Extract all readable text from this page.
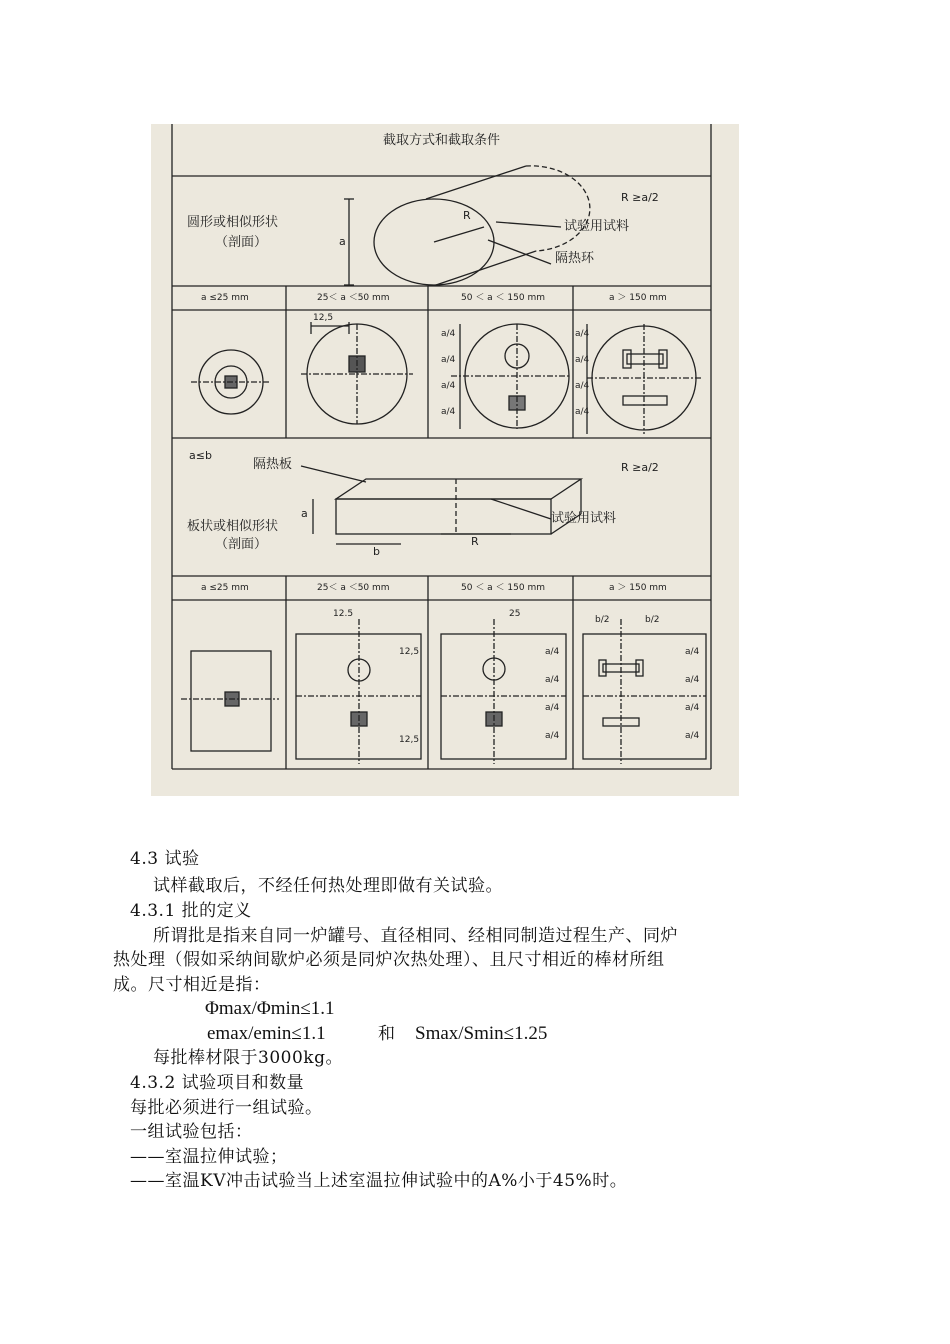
截取方式和截取条件
R ≥a/2
圆形或相似形状
（剖面）	a
R
试验用试料
隔热环
a ≤25 mm	25＜ a ＜50 mm	50 ＜ a ＜ 150 mm	a ＞ 150 mm
12,5
a/4
a/4
a/4
a/4
a/4
a/4
a/4
a/4
a≤b
R ≥a/2
隔热板
板状或相似形状
（剖面）
a
b
R
试验用试料
a ≤25 mm	25＜ a ＜50 mm	50 ＜ a ＜ 150 mm	a ＞ 150 mm
12.5
12,5
12,5
25
b/2	b/2
a/4
a/4
a/4
a/4
a/4
a/4
a/4
a/4
4.3 试验
试样截取后，不经任何热处理即做有关试验。
4.3.1 批的定义
所谓批是指来自同一炉罐号、直径相同、经相同制造过程生产、同炉
热处理（假如采纳间歇炉必须是同炉次热处理）、且尺寸相近的棒材所组
成。尺寸相近是指：
Φmax/Φmin≤1.1
emax/emin≤1.1	和 Smax/Smin≤1.25
每批棒材限于3000kg。
4.3.2 试验项目和数量
每批必须进行一组试验。
一组试验包括：
——室温拉伸试验；
——室温KV冲击试验当上述室温拉伸试验中的A%小于45%时。
